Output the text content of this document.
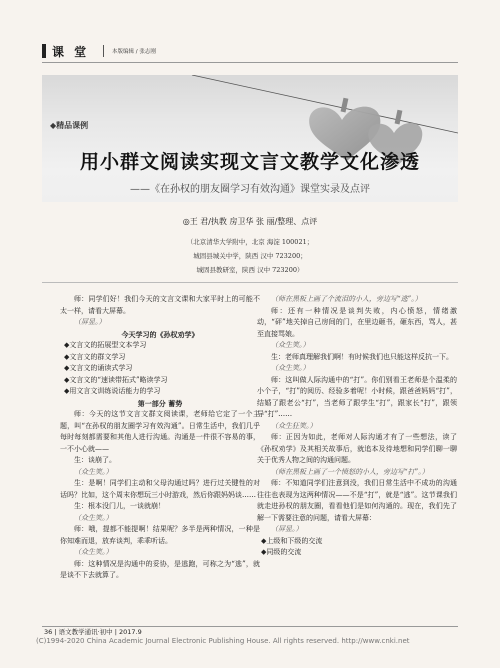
课 堂	本版编辑 / 张志刚
◆精品课例
用小群文阅读实现文言文教学文化渗透
——《在孙权的朋友圈学习有效沟通》课堂实录及点评
◎王 君/执教 房卫华 张 丽/整理、点评
（北京清华大学附中，北京 海淀 100021；
城固县城关中学，陕西 汉中 723200；
城固县教研室，陕西 汉中 723200）

师：同学们好！我们今天的文言文课和大家平时上的可能不太一样，请看大屏幕。

（屏显。）

今天学习的《孙权劝学》

◆文言文的拓展型文本学习

◆文言文的群文学习

◆文言文的诵读式学习

◆文言文的“速读带拓式”略读学习

◆用文言文训练说话能力的学习

第一部分 蓄势

师：今天的这节文言文群文阅读课，老师给它定了一个主题，叫“在孙权的朋友圈学习有效沟通”。日常生活中，我们几乎每时每刻都需要和其他人进行沟通。沟通是一件很不容易的事，一不小心就——

生：谈崩了。

（众生笑。）

生：是啊！同学们主动和父母沟通过吗？进行过关键性的对话吗？比如，这个周末你想玩三小时游戏，然后你跟妈妈谈……

生：根本没门儿，一谈就崩！

（众生笑。）

师：哦，提都不能提啊！结果呢？多半是两种情况，一种是你知难而退，放弃谈判，乖乖听话。

（众生笑。）

师：这种情况是沟通中的妥协，是逃跑，可称之为“逃”，就是谈不下去就算了。

（师在黑板上画了个流泪的小人，旁边写“逃”。）

师：还有一种情况是谈判失败，内心愤怒，情绪激动，“砰”地关掉自己房间的门，在里边砸书，砸东西，骂人，甚至直接骂娘。

（众生笑。）

生：老师真理解我们啊！有时候我们也只能这样反抗一下。

（众生笑。）

师：这叫做人际沟通中的“打”。你们别看王老师是个温柔的小个子，“打”的阅历、经验多着呢！小时候，跟爸爸妈妈“打”，结婚了跟老公“打”，当老师了跟学生“打”，跟家长“打”，跟领导“打”……

（众生狂笑。）

师：正因为如此，老师对人际沟通才有了一些想法，读了《孙权劝学》及其相关故事后，就追本及待地想和同学们聊一聊关于优秀人物之间的沟通问题。

（师在黑板上画了一个愤怒的小人，旁边写“打”。）

师：不知道同学们注意到没，我们日常生活中不成功的沟通往往也表现为这两种情况——不是“打”，就是“逃”。这节课我们就走进孙权的朋友圈，看看他们是如何沟通的。现在，我们先了解一下需要注意的问题，请看大屏幕：

（屏显。）

◆上级和下级的交流

◆同级的交流

36 | 语文教学通讯·初中 | 2017.9
(C)1994-2020 China Academic Journal Electronic Publishing House. All rights reserved. http://www.cnki.net
